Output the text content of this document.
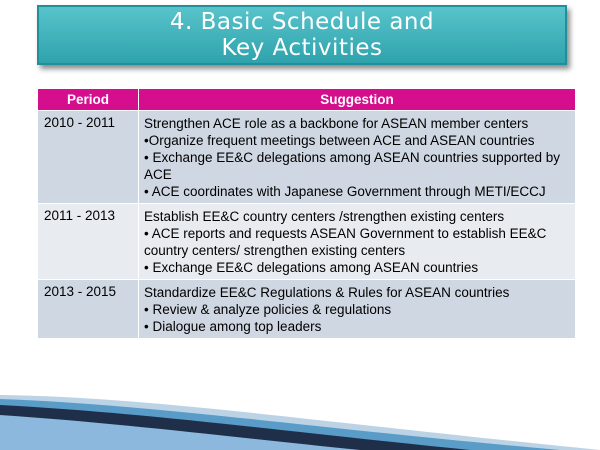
4. Basic Schedule and
Key Activities
Period	Suggestion
2010 - 2011	Strengthen ACE role as a backbone for ASEAN member centers
•Organize frequent meetings between ACE and ASEAN countries
• Exchange EE&C delegations among ASEAN countries supported by ACE
• ACE coordinates with Japanese Government through METI/ECCJ

2011 - 2013	Establish EE&C country centers /strengthen existing centers
• ACE reports and requests ASEAN Government to establish EE&C country centers/ strengthen existing centers
• Exchange EE&C delegations among ASEAN countries

2013 - 2015	Standardize EE&C Regulations & Rules for ASEAN countries
• Review & analyze policies & regulations
• Dialogue among top leaders
